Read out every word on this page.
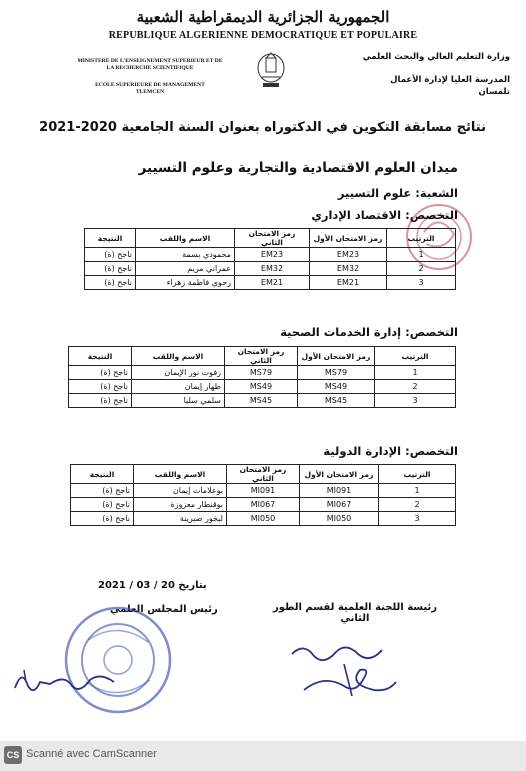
الجمهورية الجزائرية الديمقراطية الشعبية
REPUBLIQUE ALGERIENNE DEMOCRATIQUE ET POPULAIRE
MINISTERE DE L'ENSEIGNEMENT SUPERIEUR ET DE
LA RECHERCHE SCIENTIFIQUE
ECOLE SUPERIEURE DE MANAGEMENT
TLEMCEN
وزارة التعليم العالي والبحث العلمي
المدرسة العليا لإدارة الأعمال
تلمسان
نتائج مسابقة التكوين في الدكتوراه بعنوان السنة الجامعية 2020-2021
ميدان العلوم الاقتصادية والتجارية وعلوم التسيير
الشعبة: علوم التسيير
التخصص: الاقتصاد الإداري
الترتيب	رمز الامتحان الأول	رمز الامتحان الثاني	الاسم واللقب	النتيجة
1	EM23	EM23	محمودي بسمة	ناجح (ة)
2	EM32	EM32	عمراني مريم	ناجح (ة)
3	EM21	EM21	رحوي فاطمة زهراء	ناجح (ة)
التخصص: إدارة الخدمات الصحية
الترتيب	رمز الامتحان الأول	رمز الامتحان الثاني	الاسم واللقب	النتيجة
1	MS79	MS79	زفوت نور الإيمان	ناجح (ة)
2	MS49	MS49	طهار إيمان	ناجح (ة)
3	MS45	MS45	سلمي سليا	ناجح (ة)
التخصص: الإدارة الدولية
الترتيب	رمز الامتحان الأول	رمز الامتحان الثاني	الاسم واللقب	النتيجة
1	MI091	MI091	بوعلامات إيمان	ناجح (ة)
2	MI067	MI067	بوقنطار معزوزة	ناجح (ة)
3	MI050	MI050	لبخور صبرينة	ناجح (ة)
بتاريخ 20 / 03 / 2021
رئيس المجلس العلمي	رئيسة اللجنة العلمية لقسم الطور الثاني
CS Scanné avec CamScanner
